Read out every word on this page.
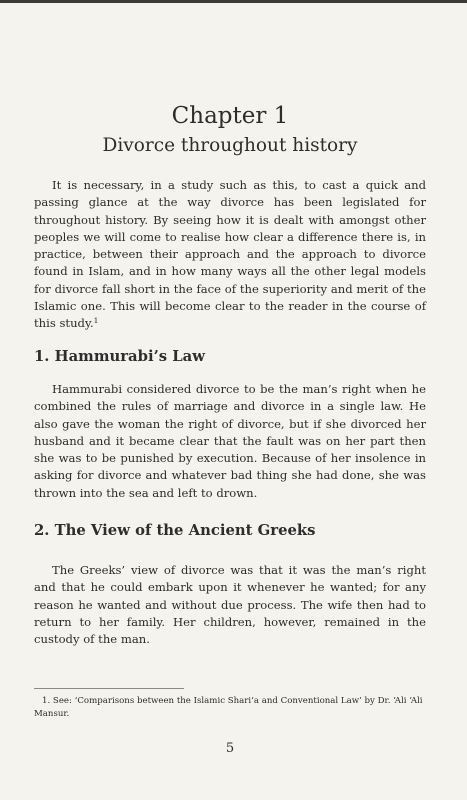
Chapter 1
Divorce throughout history

It is necessary, in a study such as this, to cast a quick and passing glance at the way divorce has been legislated for throughout history. By seeing how it is dealt with amongst other peoples we will come to realise how clear a difference there is, in practice, between their approach and the approach to divorce found in Islam, and in how many ways all the other legal models for divorce fall short in the face of the superiority and merit of the Islamic one. This will become clear to the reader in the course of this study.$^1$

1. Hammurabi’s Law

Hammurabi considered divorce to be the man’s right when he combined the rules of marriage and divorce in a single law. He also gave the woman the right of divorce, but if she divorced her husband and it became clear that the fault was on her part then she was to be punished by execution. Because of her insolence in asking for divorce and whatever bad thing she had done, she was thrown into the sea and left to drown.

2. The View of the Ancient Greeks

The Greeks’ view of divorce was that it was the man’s right and that he could embark upon it whenever he wanted; for any reason he wanted and without due process. The wife then had to return to her family. Her children, however, remained in the custody of the man.

1. See: ‘Comparisons between the Islamic Shari‘a and Conventional Law’ by Dr. ‘Ali ‘Ali Mansur.

5
